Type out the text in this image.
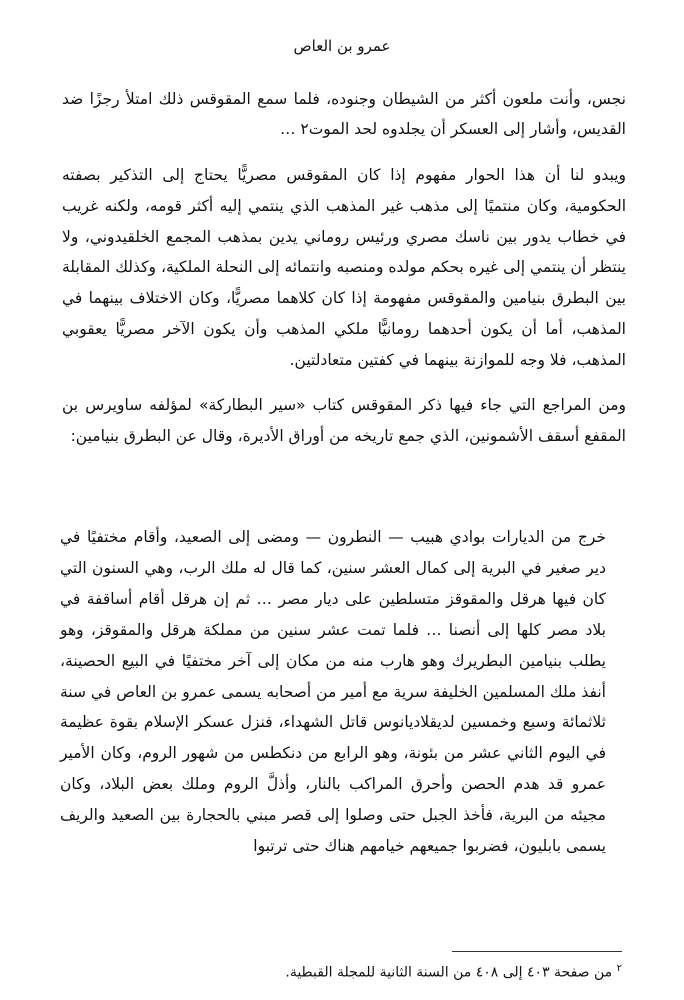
عمرو بن العاص

نجس، وأنت ملعون أكثر من الشيطان وجنوده، فلما سمع المقوقس ذلك امتلأ رجزًا ضد القديس، وأشار إلى العسكر أن يجلدوه لحد الموت٢ …

ويبدو لنا أن هذا الحوار مفهوم إذا كان المقوقس مصريًّا يحتاج إلى التذكير بصفته الحكومية، وكان منتميًا إلى مذهب غير المذهب الذي ينتمي إليه أكثر قومه، ولكنه غريب في خطاب يدور بين ناسك مصري ورئيس روماني يدين بمذهب المجمع الخلقيدوني، ولا ينتظر أن ينتمي إلى غيره بحكم مولده ومنصبه وانتمائه إلى النحلة الملكية، وكذلك المقابلة بين البطرق بنيامين والمقوقس مفهومة إذا كان كلاهما مصريًّا، وكان الاختلاف بينهما في المذهب، أما أن يكون أحدهما رومانيًّا ملكي المذهب وأن يكون الآخر مصريًّا يعقوبي المذهب، فلا وجه للموازنة بينهما في كفتين متعادلتين.

ومن المراجع التي جاء فيها ذكر المقوقس كتاب «سير البطاركة» لمؤلفه ساويرس بن المقفع أسقف الأشمونين، الذي جمع تاريخه من أوراق الأديرة، وقال عن البطرق بنيامين:

خرج من الديارات بوادي هبيب — النطرون — ومضى إلى الصعيد، وأقام مختفيًا في دير صغير في البرية إلى كمال العشر سنين، كما قال له ملك الرب، وهي السنون التي كان فيها هرقل والمقوقز متسلطين على ديار مصر … ثم إن هرقل أقام أساقفة في بلاد مصر كلها إلى أنصنا … فلما تمت عشر سنين من مملكة هرقل والمقوقز، وهو يطلب بنيامين البطريرك وهو هارب منه من مكان إلى آخر مختفيًا في البيع الحصينة، أنفذ ملك المسلمين الخليفة سرية مع أمير من أصحابه يسمى عمرو بن العاص في سنة ثلاثمائة وسبع وخمسين لديقلاديانوس قاتل الشهداء، فنزل عسكر الإسلام بقوة عظيمة في اليوم الثاني عشر من بئونة، وهو الرابع من دنكطس من شهور الروم، وكان الأمير عمرو قد هدم الحصن وأحرق المراكب بالنار، وأذلَّ الروم وملك بعض البلاد، وكان مجيئه من البرية، فأخذ الجبل حتى وصلوا إلى قصر مبني بالحجارة بين الصعيد والريف يسمى بابليون، فضربوا جميعهم خيامهم هناك حتى ترتبوا

$^٢$ من صفحة ٤٠٣ إلى ٤٠٨ من السنة الثانية للمجلة القبطية.
